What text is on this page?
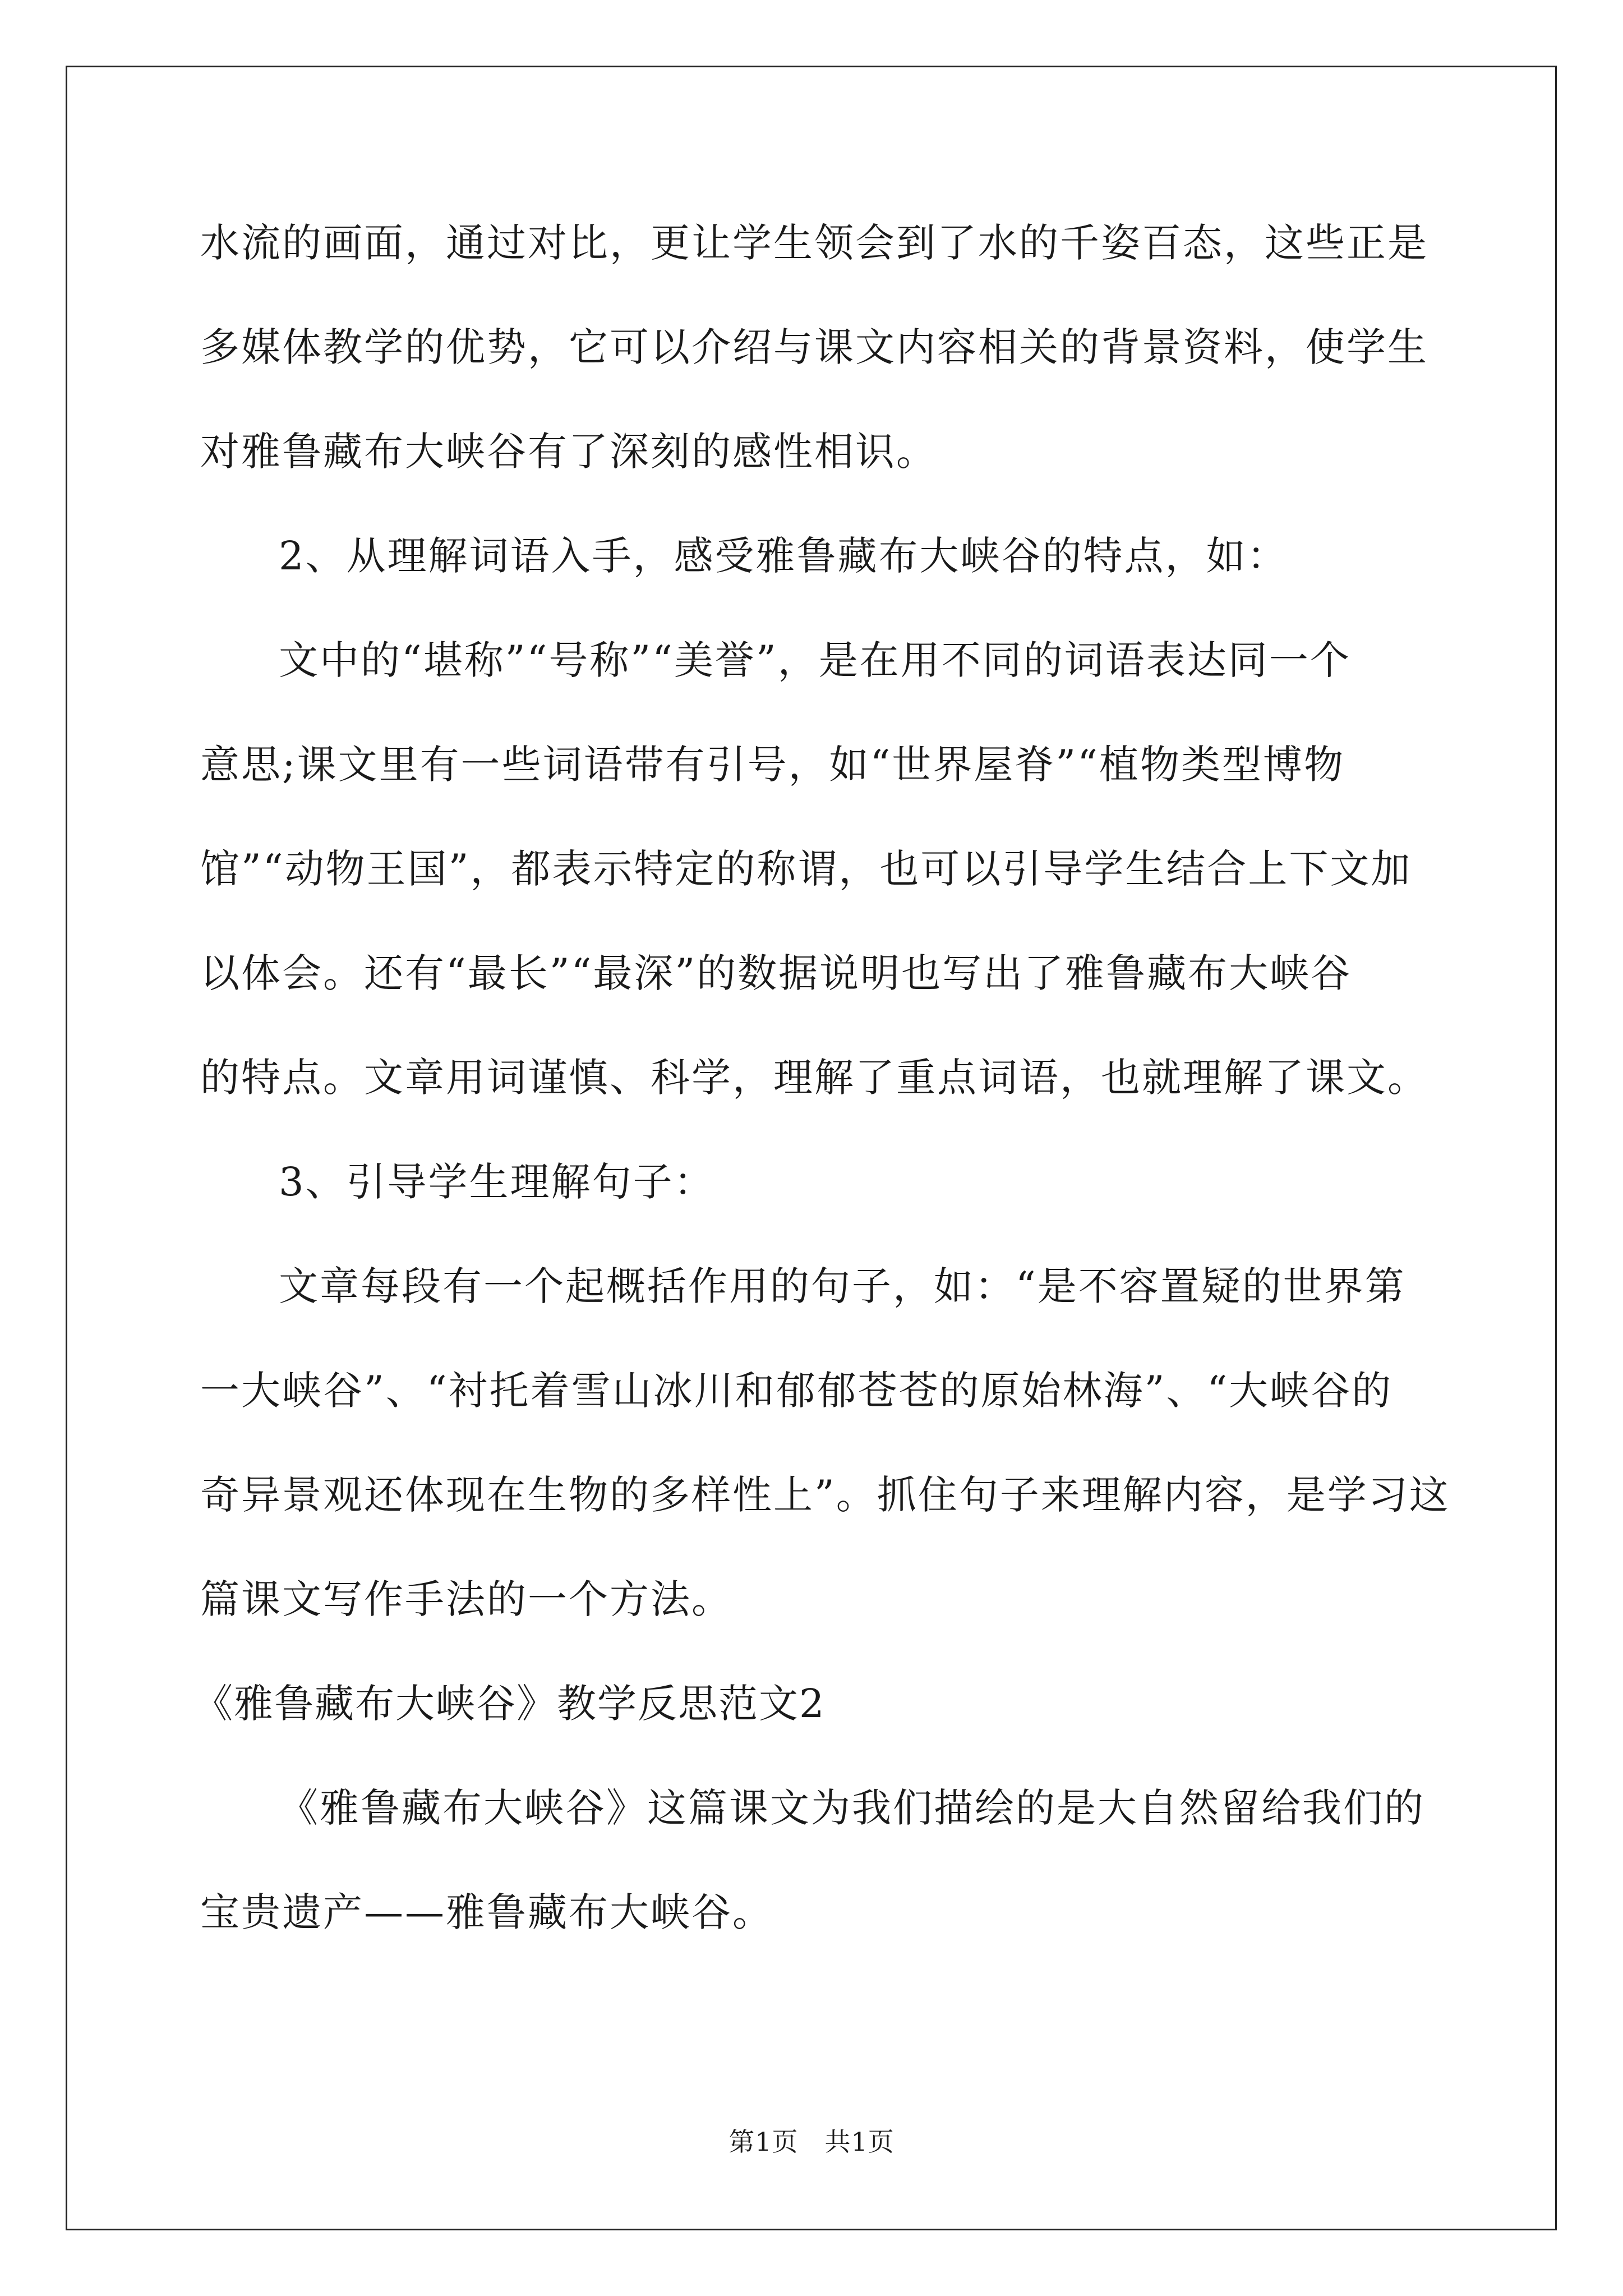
水流的画面，通过对比，更让学生领会到了水的千姿百态，这些正是
多媒体教学的优势，它可以介绍与课文内容相关的背景资料，使学生
对雅鲁藏布大峡谷有了深刻的感性相识。
2、从理解词语入手，感受雅鲁藏布大峡谷的特点，如：
文中的“堪称”“号称”“美誉”，是在用不同的词语表达同一个
意思;课文里有一些词语带有引号，如“世界屋脊”“植物类型博物
馆”“动物王国”，都表示特定的称谓，也可以引导学生结合上下文加
以体会。还有“最长”“最深”的数据说明也写出了雅鲁藏布大峡谷
的特点。文章用词谨慎、科学，理解了重点词语，也就理解了课文。
3、引导学生理解句子：
文章每段有一个起概括作用的句子，如：“是不容置疑的世界第
一大峡谷”、“衬托着雪山冰川和郁郁苍苍的原始林海”、“大峡谷的
奇异景观还体现在生物的多样性上”。抓住句子来理解内容，是学习这
篇课文写作手法的一个方法。
《雅鲁藏布大峡谷》教学反思范文2
《雅鲁藏布大峡谷》这篇课文为我们描绘的是大自然留给我们的
宝贵遗产——雅鲁藏布大峡谷。
第1页　共1页
